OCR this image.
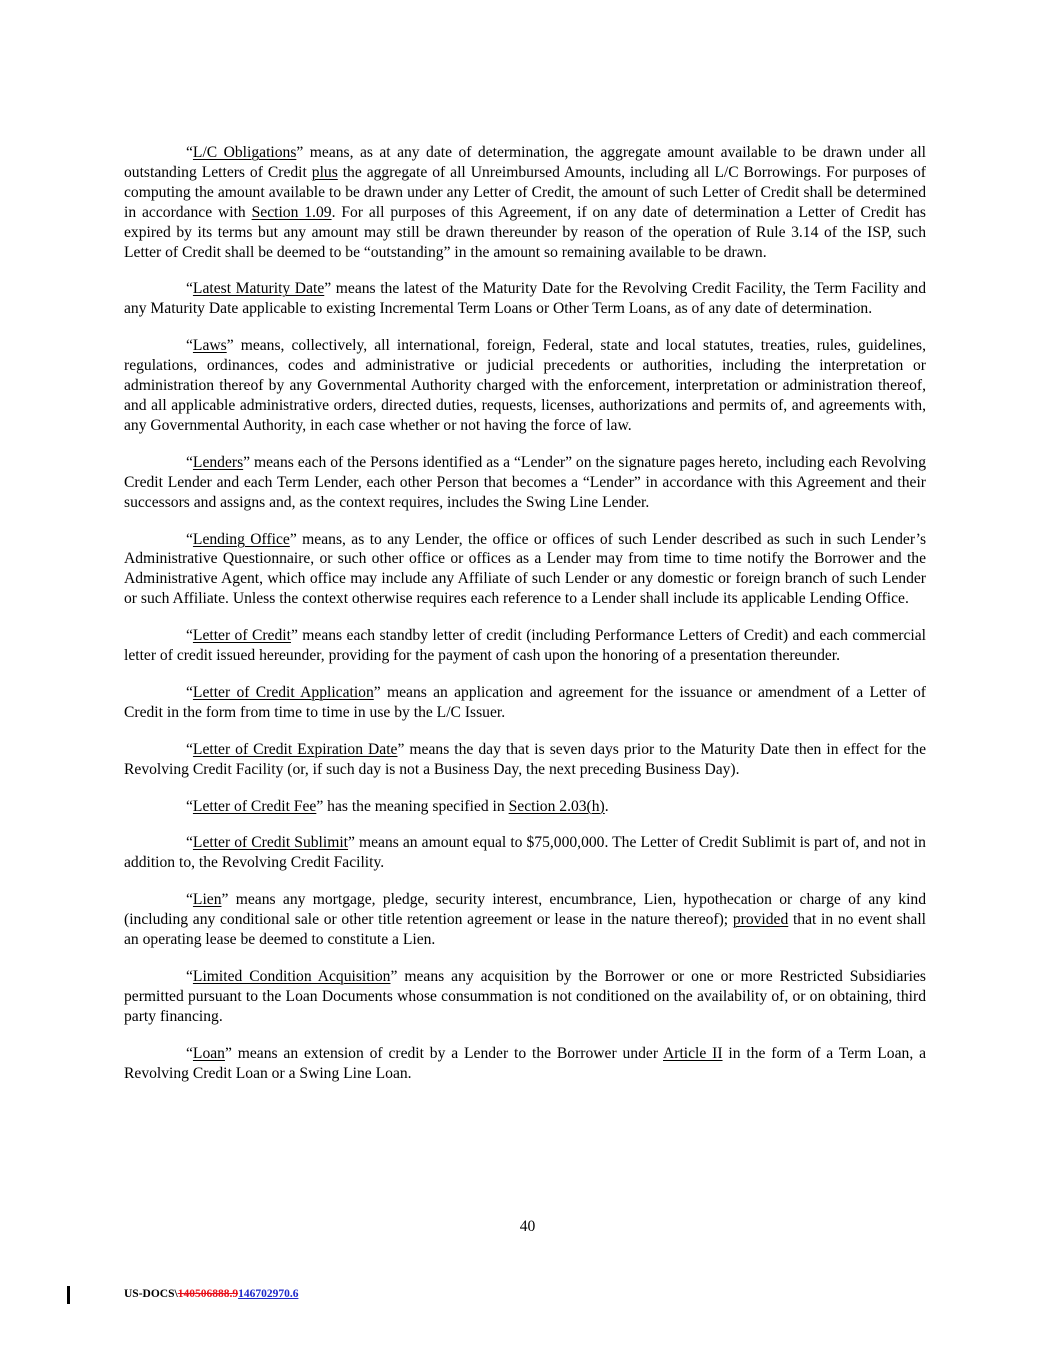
“L/C Obligations” means, as at any date of determination, the aggregate amount available to be drawn under all outstanding Letters of Credit plus the aggregate of all Unreimbursed Amounts, including all L/C Borrowings. For purposes of computing the amount available to be drawn under any Letter of Credit, the amount of such Letter of Credit shall be determined in accordance with Section 1.09. For all purposes of this Agreement, if on any date of determination a Letter of Credit has expired by its terms but any amount may still be drawn thereunder by reason of the operation of Rule 3.14 of the ISP, such Letter of Credit shall be deemed to be “outstanding” in the amount so remaining available to be drawn.

“Latest Maturity Date” means the latest of the Maturity Date for the Revolving Credit Facility, the Term Facility and any Maturity Date applicable to existing Incremental Term Loans or Other Term Loans, as of any date of determination.

“Laws” means, collectively, all international, foreign, Federal, state and local statutes, treaties, rules, guidelines, regulations, ordinances, codes and administrative or judicial precedents or authorities, including the interpretation or administration thereof by any Governmental Authority charged with the enforcement, interpretation or administration thereof, and all applicable administrative orders, directed duties, requests, licenses, authorizations and permits of, and agreements with, any Governmental Authority, in each case whether or not having the force of law.

“Lenders” means each of the Persons identified as a “Lender” on the signature pages hereto, including each Revolving Credit Lender and each Term Lender, each other Person that becomes a “Lender” in accordance with this Agreement and their successors and assigns and, as the context requires, includes the Swing Line Lender.

“Lending Office” means, as to any Lender, the office or offices of such Lender described as such in such Lender’s Administrative Questionnaire, or such other office or offices as a Lender may from time to time notify the Borrower and the Administrative Agent, which office may include any Affiliate of such Lender or any domestic or foreign branch of such Lender or such Affiliate. Unless the context otherwise requires each reference to a Lender shall include its applicable Lending Office.

“Letter of Credit” means each standby letter of credit (including Performance Letters of Credit) and each commercial letter of credit issued hereunder, providing for the payment of cash upon the honoring of a presentation thereunder.

“Letter of Credit Application” means an application and agreement for the issuance or amendment of a Letter of Credit in the form from time to time in use by the L/C Issuer.

“Letter of Credit Expiration Date” means the day that is seven days prior to the Maturity Date then in effect for the Revolving Credit Facility (or, if such day is not a Business Day, the next preceding Business Day).

“Letter of Credit Fee” has the meaning specified in Section 2.03(h).

“Letter of Credit Sublimit” means an amount equal to $75,000,000. The Letter of Credit Sublimit is part of, and not in addition to, the Revolving Credit Facility.

“Lien” means any mortgage, pledge, security interest, encumbrance, Lien, hypothecation or charge of any kind (including any conditional sale or other title retention agreement or lease in the nature thereof); provided that in no event shall an operating lease be deemed to constitute a Lien.

“Limited Condition Acquisition” means any acquisition by the Borrower or one or more Restricted Subsidiaries permitted pursuant to the Loan Documents whose consummation is not conditioned on the availability of, or on obtaining, third party financing.

“Loan” means an extension of credit by a Lender to the Borrower under Article II in the form of a Term Loan, a Revolving Credit Loan or a Swing Line Loan.

40
US-DOCS\140506888.9146702970.6
